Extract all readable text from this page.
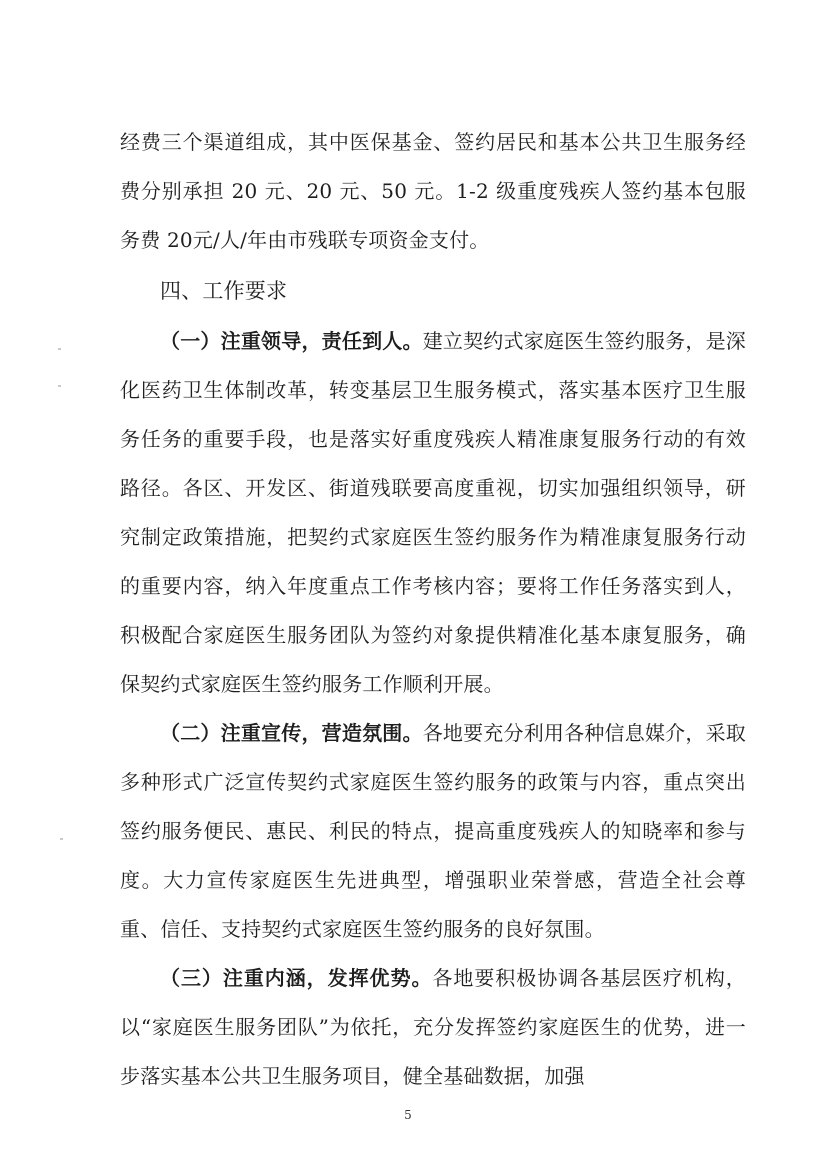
经费三个渠道组成，其中医保基金、签约居民和基本公共卫生服务经费分别承担 20 元、20 元、50 元。1-2 级重度残疾人签约基本包服务费 20元/人/年由市残联专项资金支付。

四、工作要求

（一）注重领导，责任到人。建立契约式家庭医生签约服务，是深化医药卫生体制改革，转变基层卫生服务模式，落实基本医疗卫生服务任务的重要手段，也是落实好重度残疾人精准康复服务行动的有效路径。各区、开发区、街道残联要高度重视，切实加强组织领导，研究制定政策措施，把契约式家庭医生签约服务作为精准康复服务行动的重要内容，纳入年度重点工作考核内容；要将工作任务落实到人，积极配合家庭医生服务团队为签约对象提供精准化基本康复服务，确保契约式家庭医生签约服务工作顺利开展。

（二）注重宣传，营造氛围。各地要充分利用各种信息媒介，采取多种形式广泛宣传契约式家庭医生签约服务的政策与内容，重点突出签约服务便民、惠民、利民的特点，提高重度残疾人的知晓率和参与度。大力宣传家庭医生先进典型，增强职业荣誉感，营造全社会尊重、信任、支持契约式家庭医生签约服务的良好氛围。

（三）注重内涵，发挥优势。各地要积极协调各基层医疗机构，以“家庭医生服务团队”为依托，充分发挥签约家庭医生的优势，进一步落实基本公共卫生服务项目，健全基础数据，加强

5
